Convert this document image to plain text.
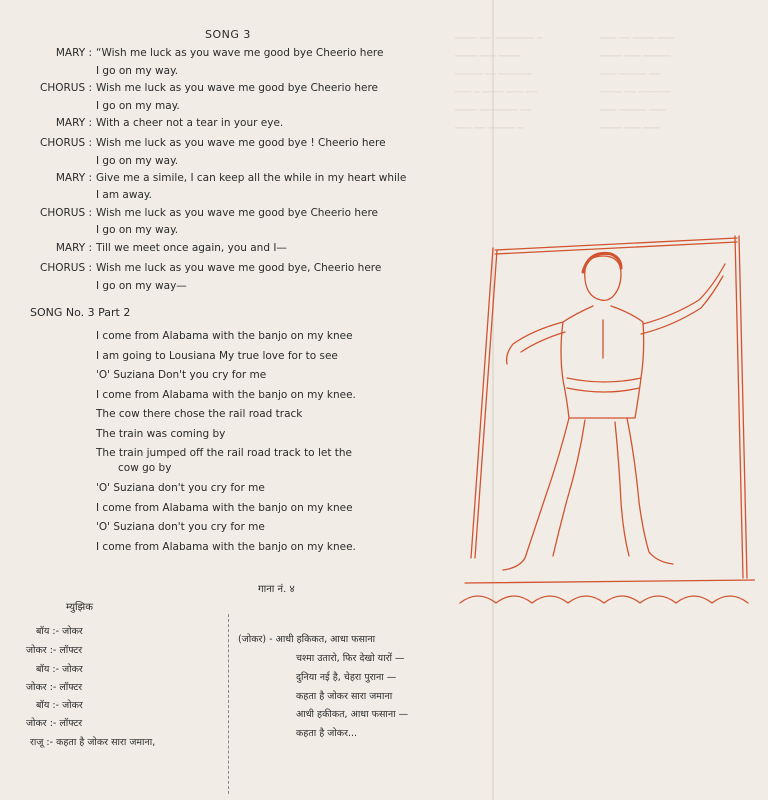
──── ──  ─────── ─
──── ─── ────
───── ── ──────
─── ─ ──── ─── ──
──── ─────── ──
─── ── ───── ─
─── ── ──── ───
──── ─── ─────
─── ───── ──
──── ── ──────
─── ───── ───
──── ─── ───
SONG 3
MARY : “Wish me luck as you wave me good bye Cheerio here
I go on my way.
CHORUS : Wish me luck as you wave me good bye Cheerio here
I go on my may.
MARY : With a cheer not a tear in your eye.
CHORUS : Wish me luck as you wave me good bye ! Cheerio here
I go on my way.
MARY : Give me a simile, I can keep all the while in my heart while
I am away.
CHORUS : Wish me luck as you wave me good bye Cheerio here
I go on my way.
MARY : Till we meet once again, you and I—
CHORUS : Wish me luck as you wave me good bye, Cheerio here
I go on my way—
SONG No. 3 Part 2
I come from Alabama with the banjo on my knee
I am going to Lousiana My true love for to see
'O' Suziana Don't you cry for me
I come from Alabama with the banjo on my knee.
The cow there chose the rail road track
The train was coming by
The train jumped off the rail road track to let the
cow go by
'O' Suziana don't you cry for me
I come from Alabama with the banjo on my knee
'O' Suziana don't you cry for me
I come from Alabama with the banjo on my knee.
गाना नं. ४
म्युझिक
बॉय :- जोकर
जोकर :- लॉफ्टर
बॉय :- जोकर
जोकर :- लॉफ्टर
बॉय :- जोकर
जोकर :- लॉफ्टर
राजू :- कहता है जोकर सारा जमाना,
(जोकर) - आधी हकिकत, आधा फसाना
चश्मा उतारो, फिर देखो यारों —
दुनिया नई है, चेहरा पुराना —
कहता है जोकर सारा जमाना
आधी हकीकत, आधा फसाना —
कहता है जोकर...
